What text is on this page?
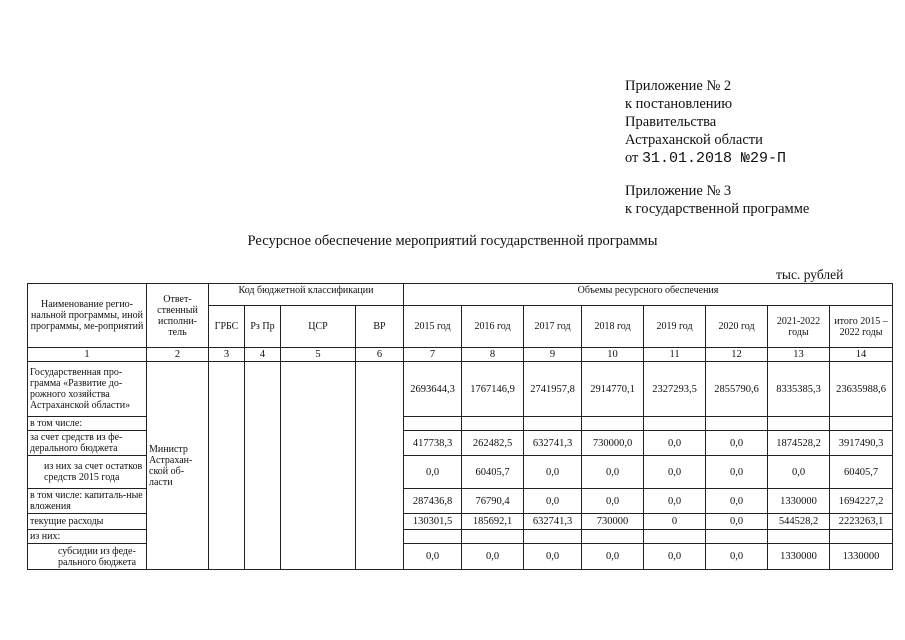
Приложение № 2
к постановлению
Правительства
Астраханской области
от 31.01.2018 №29-П
Приложение № 3
к государственной программе
Ресурсное обеспечение мероприятий государственной программы
тыс. рублей
Наименование регио-нальной программы, иной программы, ме-роприятий	Ответ-ственный исполни-тель	Код бюджетной классификации				Объемы ресурсного обеспечения							
		ГРБС	Рз Пр	ЦСР	ВР	2015 год	2016 год	2017 год	2018 год	2019 год	2020 год	2021-2022 годы	итого 2015 – 2022 годы
1	2	3	4	5	6	7	8	9	10	11	12	13	14
Государственная про-грамма «Развитие до-рожного хозяйства Астраханской области»	Министр Астрахан-ской об-ласти					2693644,3	1767146,9	2741957,8	2914770,1	2327293,5	2855790,6	8335385,3	23635988,6
в том числе:													
за счет средств из фе-дерального бюджета						417738,3	262482,5	632741,3	730000,0	0,0	0,0	1874528,2	3917490,3
из них за счет остатков средств 2015 года						0,0	60405,7	0,0	0,0	0,0	0,0	0,0	60405,7
в том числе: капиталь-ные вложения						287436,8	76790,4	0,0	0,0	0,0	0,0	1330000	1694227,2
текущие расходы						130301,5	185692,1	632741,3	730000	0	0,0	544528,2	2223263,1
из них:													
субсидии из феде-рального бюджета						0,0	0,0	0,0	0,0	0,0	0,0	1330000	1330000
